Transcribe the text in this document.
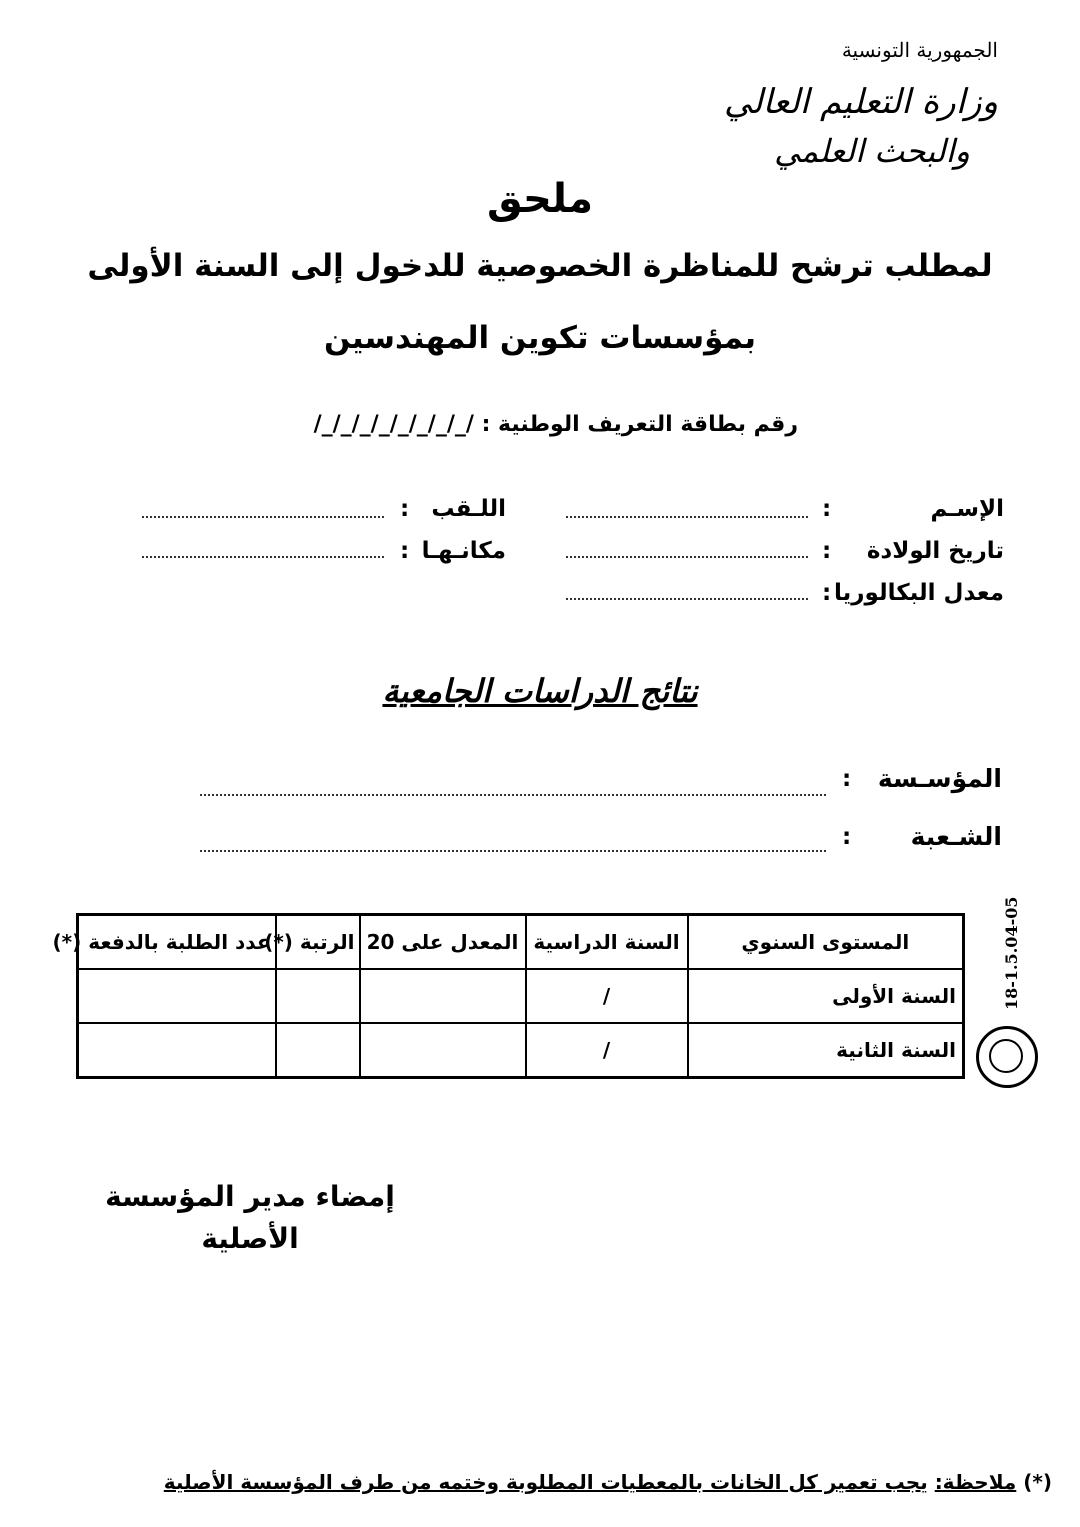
الجمهورية التونسية
وزارة التعليم العالي
والبحث العلمي
ملحق
لمطلب ترشح للمناظرة الخصوصية للدخول إلى السنة الأولى
بمؤسسات تكوين المهندسين
رقم بطاقة التعريف الوطنية : /_/_/_/_/_/_/_/_/
الإسـم
:
تاريخ الولادة
:
معدل البكالوريا
:
اللـقب
:
مكانـهـا
:
نتائج الدراسات الجامعية
المؤسـسة
:
الشـعبة
:
المستوى السنوي	السنة الدراسية	المعدل على 20	الرتبة (*)	عدد الطلبة بالدفعة (*)
السنة الأولى	/			
السنة الثانية	/			
18-1.5.04-05
إمضاء مدير المؤسسة
الأصلية
(*) ملاحظة: يجب تعمير كل الخانات بالمعطيات المطلوبة وختمه من طرف المؤسسة الأصلية
